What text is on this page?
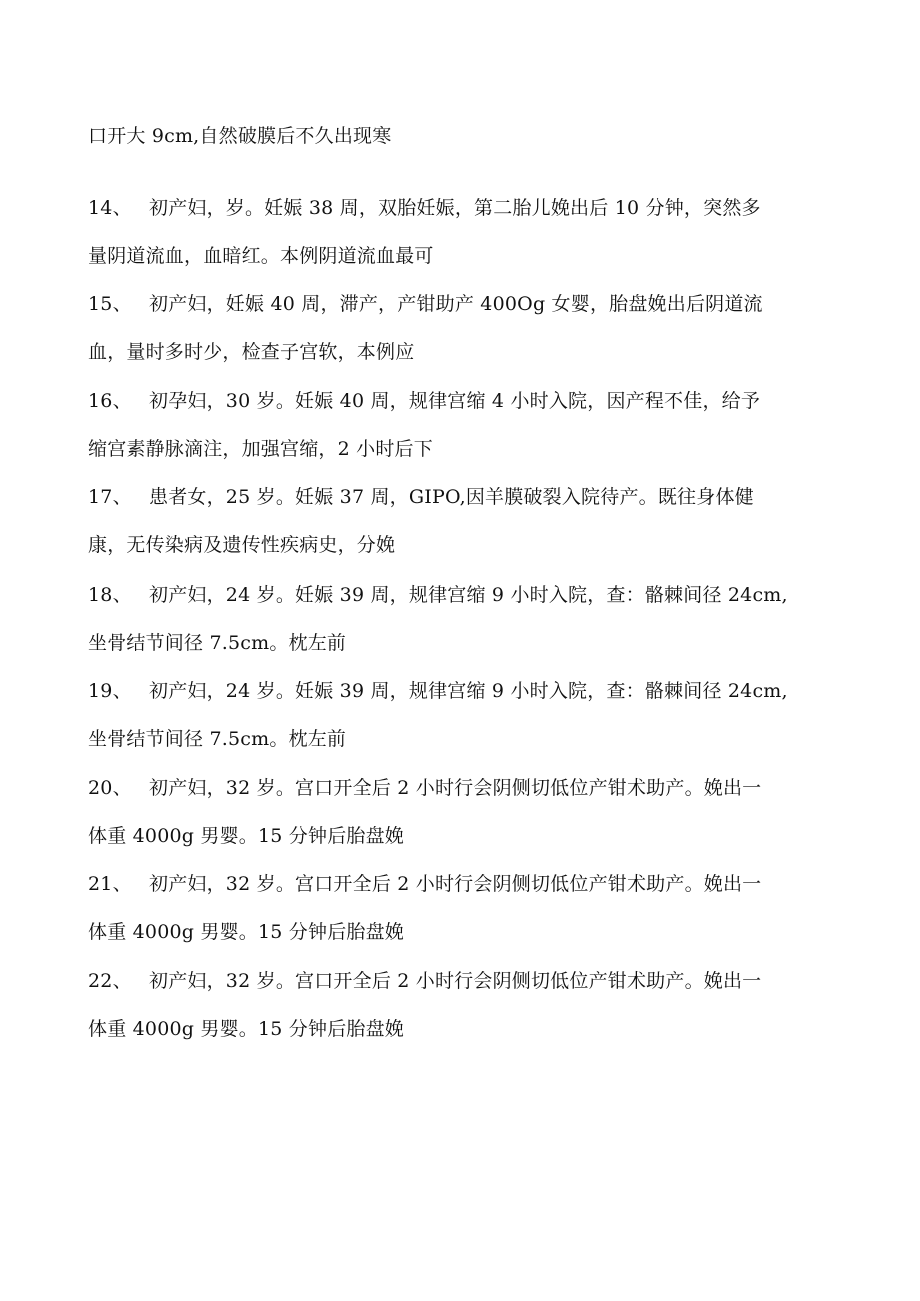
口开大 9cm,自然破膜后不久出现寒
14、 初产妇，岁。妊娠 38 周，双胎妊娠，第二胎儿娩出后 10 分钟，突然多
量阴道流血，血暗红。本例阴道流血最可
15、 初产妇，妊娠 40 周，滞产，产钳助产 400Og 女婴，胎盘娩出后阴道流
血，量时多时少，检查子宫软，本例应
16、 初孕妇，30 岁。妊娠 40 周，规律宫缩 4 小时入院，因产程不佳，给予
缩宫素静脉滴注，加强宫缩，2 小时后下
17、 患者女，25 岁。妊娠 37 周，GIPO,因羊膜破裂入院待产。既往身体健
康，无传染病及遗传性疾病史，分娩
18、 初产妇，24 岁。妊娠 39 周，规律宫缩 9 小时入院，查：骼棘间径 24cm,
坐骨结节间径 7.5cm。枕左前
19、 初产妇，24 岁。妊娠 39 周，规律宫缩 9 小时入院，查：骼棘间径 24cm,
坐骨结节间径 7.5cm。枕左前
20、 初产妇，32 岁。宫口开全后 2 小时行会阴侧切低位产钳术助产。娩出一
体重 4000g 男婴。15 分钟后胎盘娩
21、 初产妇，32 岁。宫口开全后 2 小时行会阴侧切低位产钳术助产。娩出一
体重 4000g 男婴。15 分钟后胎盘娩
22、 初产妇，32 岁。宫口开全后 2 小时行会阴侧切低位产钳术助产。娩出一
体重 4000g 男婴。15 分钟后胎盘娩
